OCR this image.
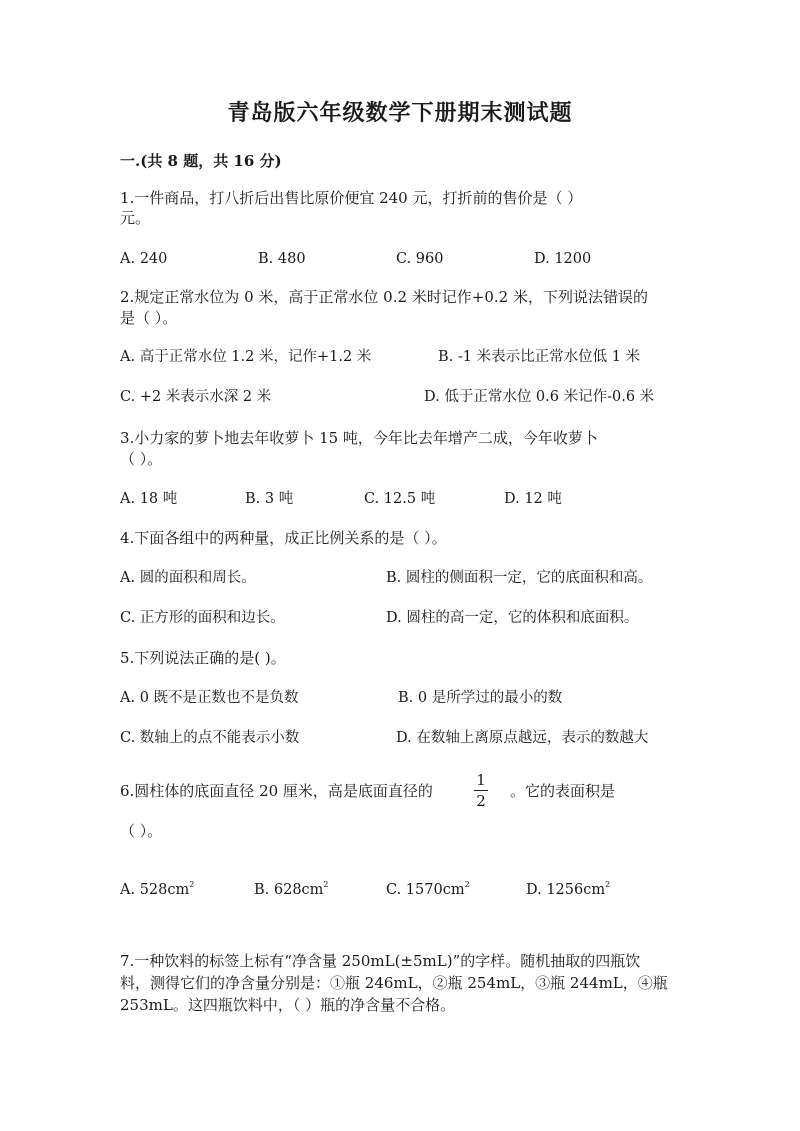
青岛版六年级数学下册期末测试题
一.(共 8 题，共 16 分)
1.一件商品，打八折后出售比原价便宜 240 元，打折前的售价是（ ）
元。
A. 240	B. 480	C. 960	D. 1200
2.规定正常水位为 0 米，高于正常水位 0.2 米时记作+0.2 米，下列说法错误的
是（ ）。
A. 高于正常水位 1.2 米，记作+1.2 米	B. -1 米表示比正常水位低 1 米
C. +2 米表示水深 2 米	D. 低于正常水位 0.6 米记作-0.6 米
3.小力家的萝卜地去年收萝卜 15 吨，今年比去年增产二成，今年收萝卜
（ ）。
A. 18 吨	B. 3 吨	C. 12.5 吨	D. 12 吨
4.下面各组中的两种量，成正比例关系的是（ ）。
A. 圆的面积和周长。	B. 圆柱的侧面积一定，它的底面积和高。
C. 正方形的面积和边长。	D. 圆柱的高一定，它的体积和底面积。
5.下列说法正确的是( )。
A. 0 既不是正数也不是负数	B. 0 是所学过的最小的数
C. 数轴上的点不能表示小数	D. 在数轴上离原点越远，表示的数越大
6.圆柱体的底面直径 20 厘米，高是底面直径的
1
2
。它的表面积是
（ ）。
A. $528cm^2$	B. $628cm^2$	C. $1570cm^2$	D. $1256cm^2$
7.一种饮料的标签上标有“净含量 250mL(±5mL)”的字样。随机抽取的四瓶饮
料，测得它们的净含量分别是：①瓶 246mL，②瓶 254mL，③瓶 244mL，④瓶
253mL。这四瓶饮料中，（ ）瓶的净含量不合格。
